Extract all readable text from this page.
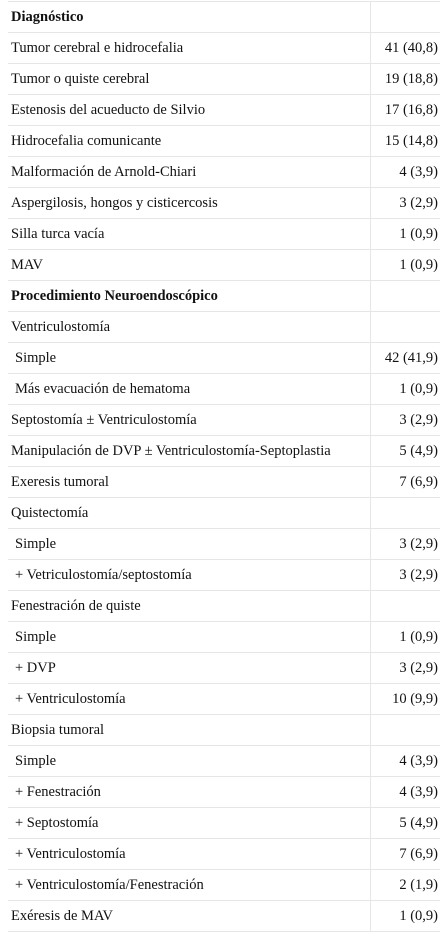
Diagnóstico	
Tumor cerebral e hidrocefalia	41 (40,8)
Tumor o quiste cerebral	19 (18,8)
Estenosis del acueducto de Silvio	17 (16,8)
Hidrocefalia comunicante	15 (14,8)
Malformación de Arnold-Chiari	4 (3,9)
Aspergilosis, hongos y cisticercosis	3 (2,9)
Silla turca vacía	1 (0,9)
MAV	1 (0,9)
Procedimiento Neuroendoscópico	
Ventriculostomía	
Simple	42 (41,9)
Más evacuación de hematoma	1 (0,9)
Septostomía ± Ventriculostomía	3 (2,9)
Manipulación de DVP ± Ventriculostomía-Septoplastia	5 (4,9)
Exeresis tumoral	7 (6,9)
Quistectomía	
Simple	3 (2,9)
+ Vetriculostomía/septostomía	3 (2,9)
Fenestración de quiste	
Simple	1 (0,9)
+ DVP	3 (2,9)
+ Ventriculostomía	10 (9,9)
Biopsia tumoral	
Simple	4 (3,9)
+ Fenestración	4 (3,9)
+ Septostomía	5 (4,9)
+ Ventriculostomía	7 (6,9)
+ Ventriculostomía/Fenestración	2 (1,9)
Exéresis de MAV	1 (0,9)
